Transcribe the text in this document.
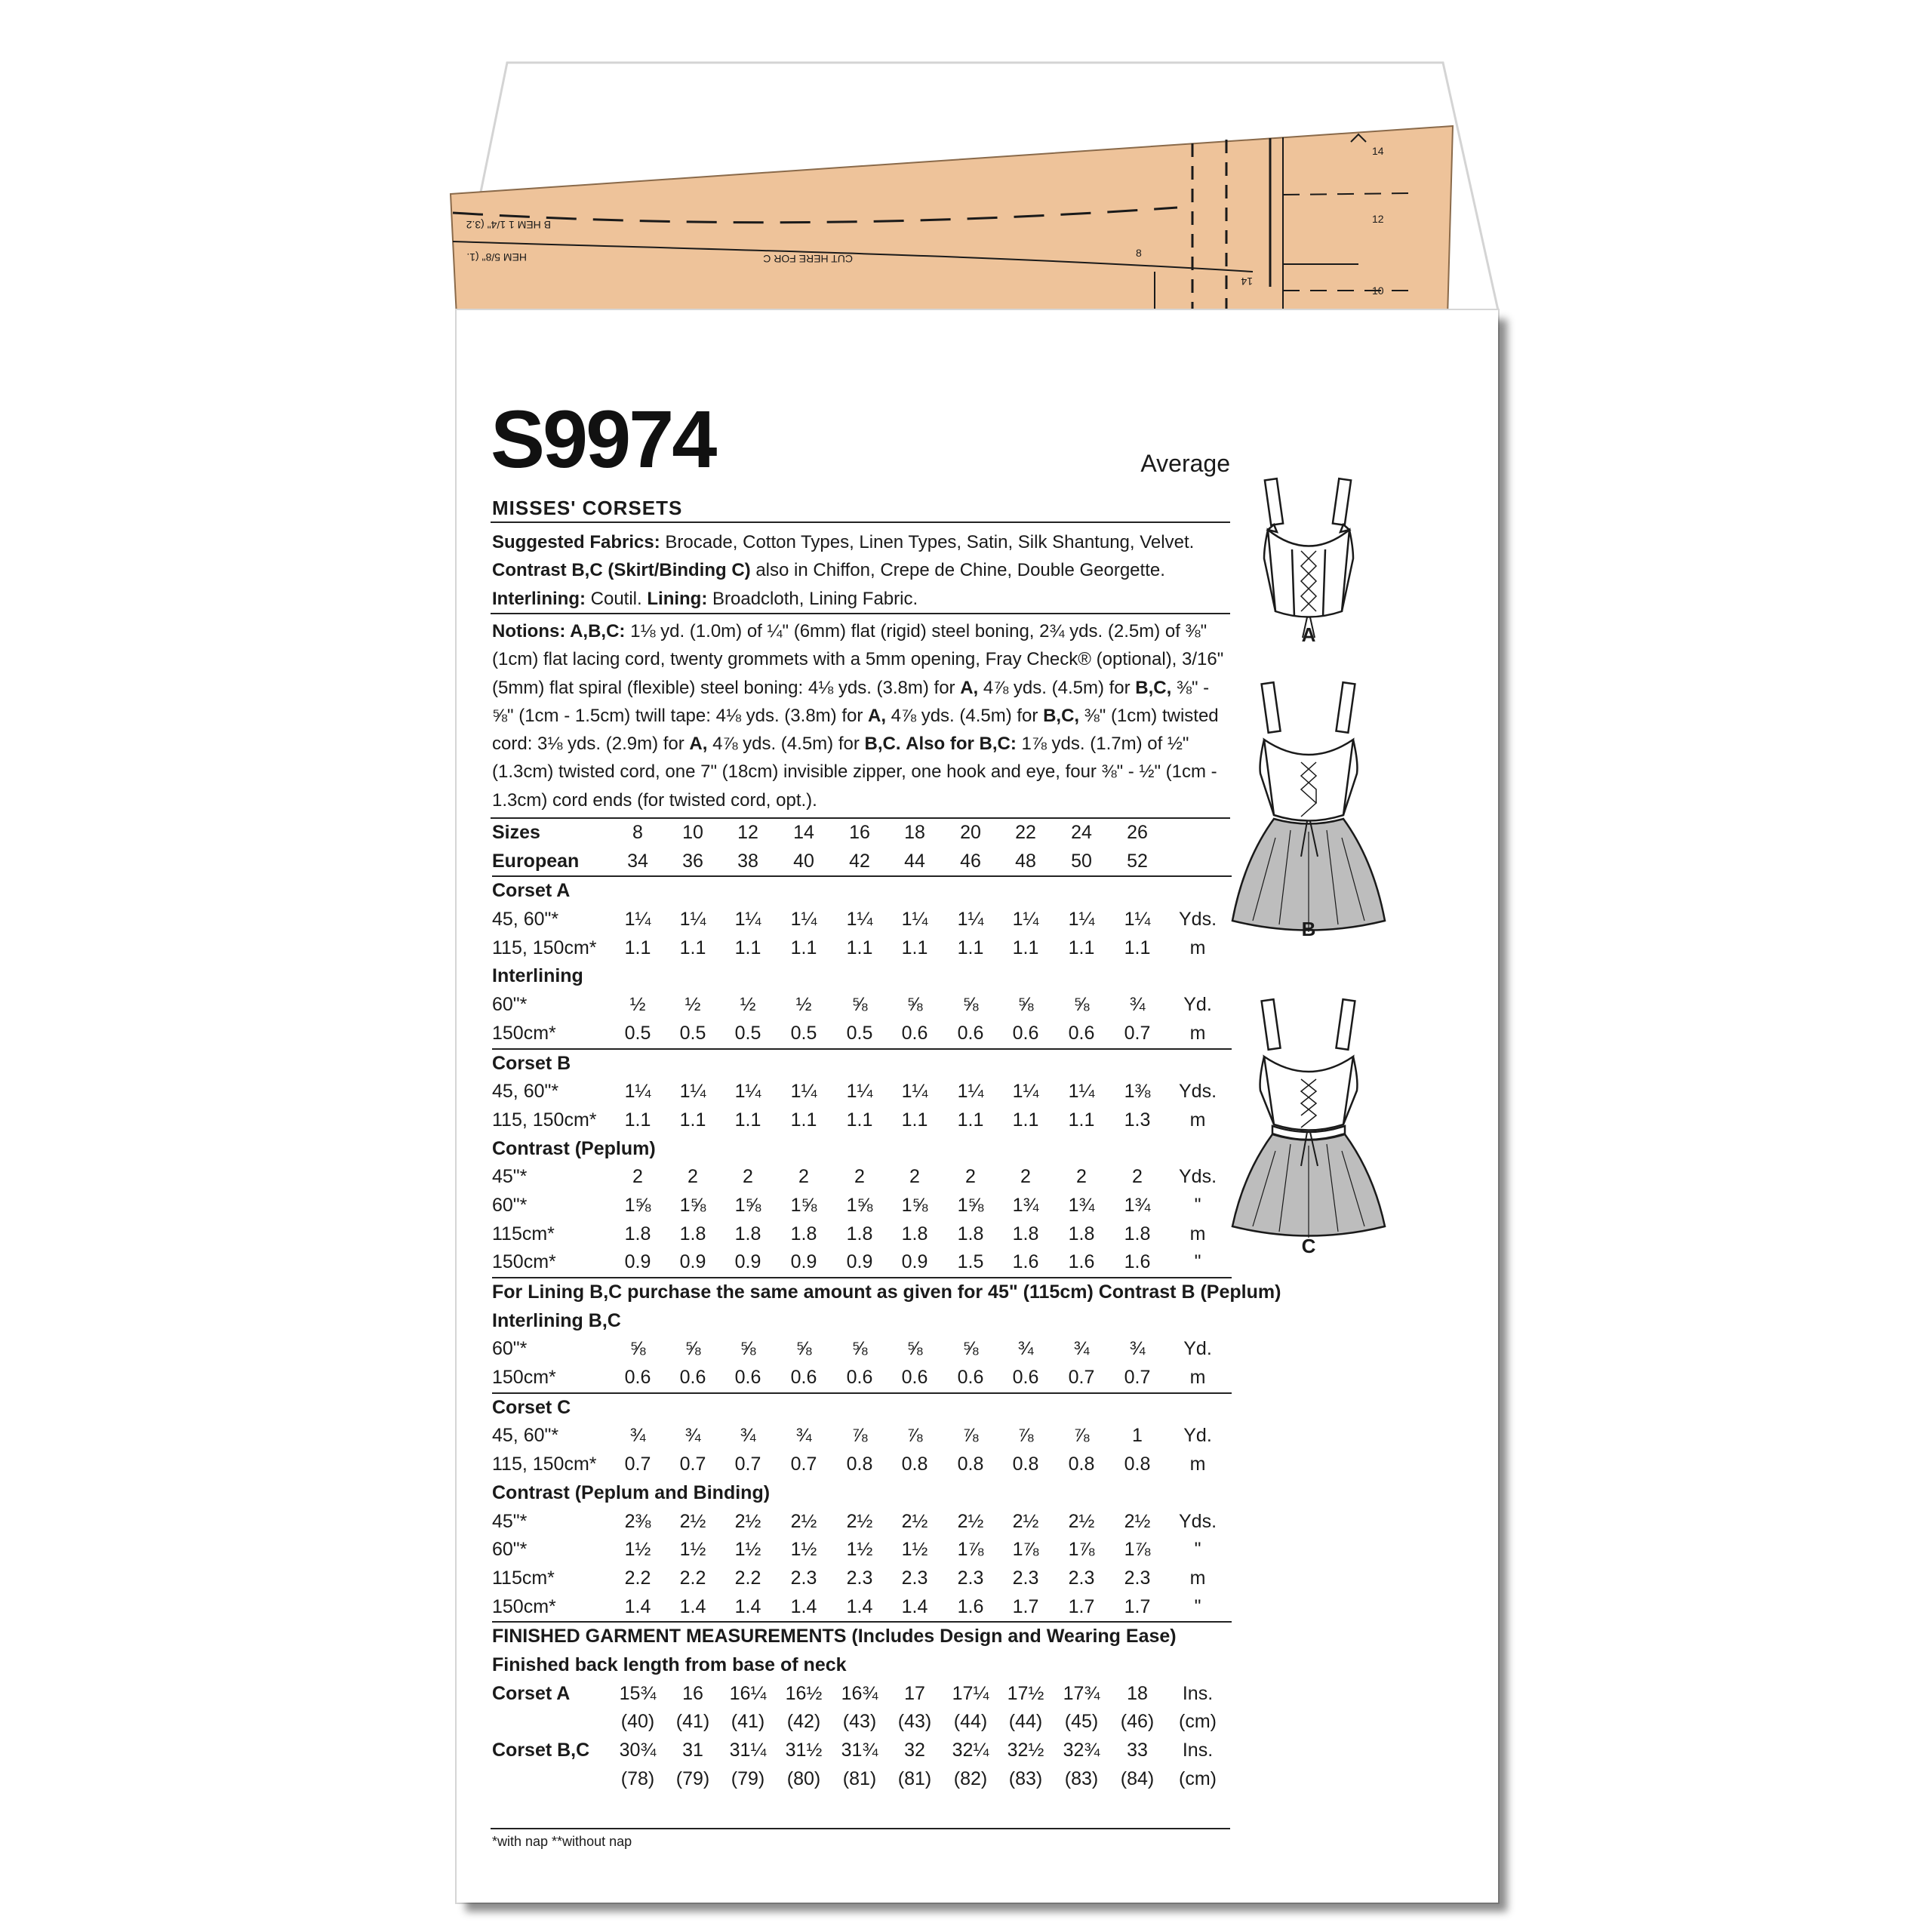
B HEM 1 1/4" (3.2
HEM 5/8" (1.	CUT HERE FOR C	8
14
14
12
10
S9974	Average
MISSES' CORSETS
Suggested Fabrics: Brocade, Cotton Types, Linen Types, Satin, Silk Shantung, Velvet.
Contrast B,C (Skirt/Binding C) also in Chiffon, Crepe de Chine, Double Georgette. Interlining: Coutil. Lining: Broadcloth, Lining Fabric.
Notions: A,B,C: 1⅛ yd. (1.0m) of ¼" (6mm) flat (rigid) steel boning, 2¾ yds. (2.5m) of ⅜" (1cm) flat lacing cord, twenty grommets with a 5mm opening, Fray Check® (optional), 3/16" (5mm) flat spiral (flexible) steel boning: 4⅛ yds. (3.8m) for A, 4⅞ yds. (4.5m) for B,C, ⅜" - ⅝" (1cm - 1.5cm) twill tape: 4⅛ yds. (3.8m) for A, 4⅞ yds. (4.5m) for B,C, ⅜" (1cm) twisted cord: 3⅛ yds. (2.9m) for A, 4⅞ yds. (4.5m) for B,C. Also for B,C: 1⅞ yds. (1.7m) of ½" (1.3cm) twisted cord, one 7" (18cm) invisible zipper, one hook and eye, four ⅜" - ½" (1cm - 1.3cm) cord ends (for twisted cord, opt.).
Sizes	8	10	12	14	16	18	20	22	24	26
European	34	36	38	40	42	44	46	48	50	52
Corset A
45, 60"*	1¼	1¼	1¼	1¼	1¼	1¼	1¼	1¼	1¼	1¼	Yds.
115, 150cm*	1.1	1.1	1.1	1.1	1.1	1.1	1.1	1.1	1.1	1.1	m
Interlining
60"*	½	½	½	½	⅝	⅝	⅝	⅝	⅝	¾	Yd.
150cm*	0.5	0.5	0.5	0.5	0.5	0.6	0.6	0.6	0.6	0.7	m
Corset B
45, 60"*	1¼	1¼	1¼	1¼	1¼	1¼	1¼	1¼	1¼	1⅜	Yds.
115, 150cm*	1.1	1.1	1.1	1.1	1.1	1.1	1.1	1.1	1.1	1.3	m
Contrast (Peplum)
45"*	2	2	2	2	2	2	2	2	2	2	Yds.
60"*	1⅝	1⅝	1⅝	1⅝	1⅝	1⅝	1⅝	1¾	1¾	1¾	"
115cm*	1.8	1.8	1.8	1.8	1.8	1.8	1.8	1.8	1.8	1.8	m
150cm*	0.9	0.9	0.9	0.9	0.9	0.9	1.5	1.6	1.6	1.6	"
For Lining B,C purchase the same amount as given for 45" (115cm) Contrast B (Peplum)
Interlining B,C
60"*	⅝	⅝	⅝	⅝	⅝	⅝	⅝	¾	¾	¾	Yd.
150cm*	0.6	0.6	0.6	0.6	0.6	0.6	0.6	0.6	0.7	0.7	m
Corset C
45, 60"*	¾	¾	¾	¾	⅞	⅞	⅞	⅞	⅞	1	Yd.
115, 150cm*	0.7	0.7	0.7	0.7	0.8	0.8	0.8	0.8	0.8	0.8	m
Contrast (Peplum and Binding)
45"*	2⅜	2½	2½	2½	2½	2½	2½	2½	2½	2½	Yds.
60"*	1½	1½	1½	1½	1½	1½	1⅞	1⅞	1⅞	1⅞	"
115cm*	2.2	2.2	2.2	2.3	2.3	2.3	2.3	2.3	2.3	2.3	m
150cm*	1.4	1.4	1.4	1.4	1.4	1.4	1.6	1.7	1.7	1.7	"
FINISHED GARMENT MEASUREMENTS (Includes Design and Wearing Ease)
Finished back length from base of neck
Corset A	15¾	16	16¼	16½	16¾	17	17¼ 17½	17¾	18	Ins.
(40)	(41)	(41)	(42)	(43)	(43)	(44)	(44)	(45)	(46)	(cm)
Corset B,C	30¾	31	31¼	31½	31¾	32	32¼ 32½	32¾	33	Ins.
(78)	(79)	(79)	(80)	(81)	(81)	(82)	(83)	(83)	(84)	(cm)
*with nap **without nap
A
B
C
